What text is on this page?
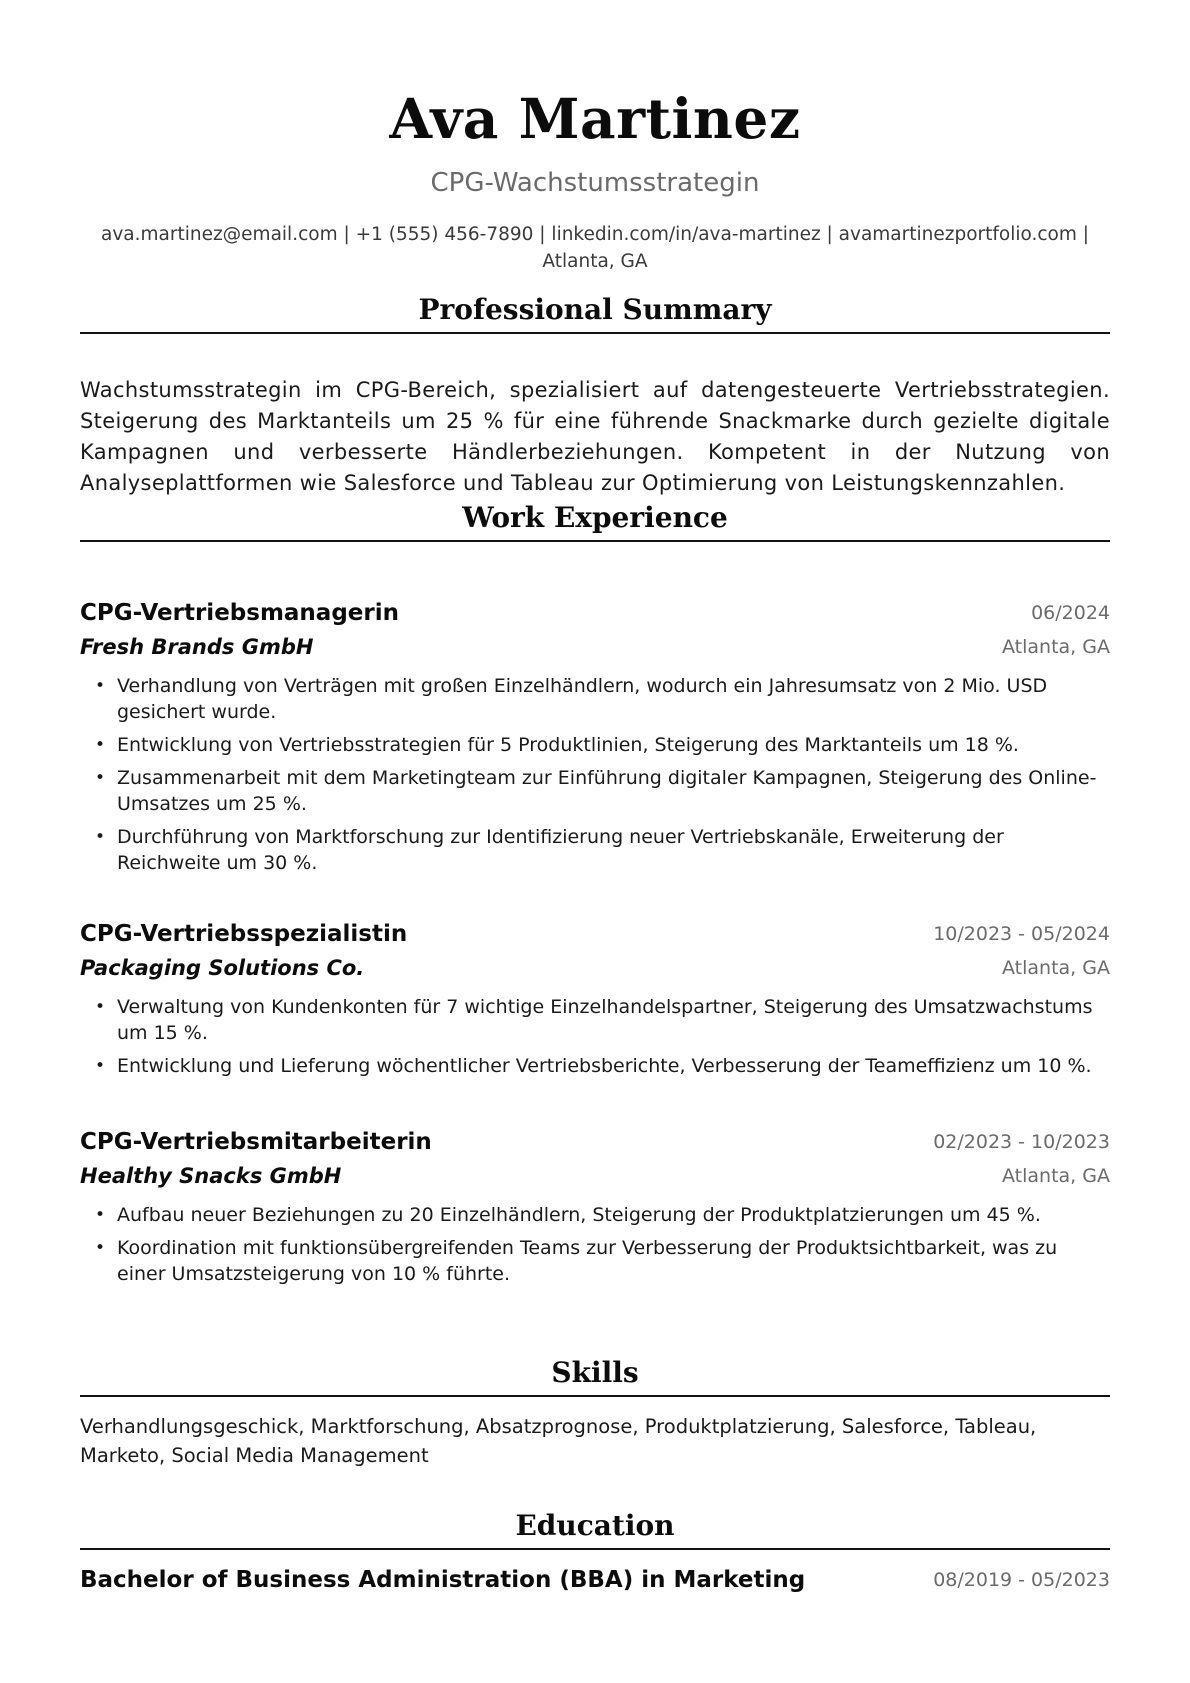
Ava Martinez
CPG-Wachstumsstrategin
ava.martinez@email.com | +1 (555) 456-7890 | linkedin.com/in/ava-martinez | avamartinezportfolio.com | Atlanta, GA
Professional Summary

Wachstumsstrategin im CPG-Bereich, spezialisiert auf datengesteuerte Vertriebsstrategien. Steigerung des Marktanteils um 25 % für eine führende Snackmarke durch gezielte digitale Kampagnen und verbesserte Händlerbeziehungen. Kompetent in der Nutzung von Analyseplattformen wie Salesforce und Tableau zur Optimierung von Leistungskennzahlen.

Work Experience
CPG-Vertriebsmanagerin	06/2024
Fresh Brands GmbH	Atlanta, GA
• Verhandlung von Verträgen mit großen Einzelhändlern, wodurch ein Jahresumsatz von 2 Mio. USD gesichert wurde.
• Entwicklung von Vertriebsstrategien für 5 Produktlinien, Steigerung des Marktanteils um 18 %.
• Zusammenarbeit mit dem Marketingteam zur Einführung digitaler Kampagnen, Steigerung des Online-Umsatzes um 25 %.
• Durchführung von Marktforschung zur Identifizierung neuer Vertriebskanäle, Erweiterung der Reichweite um 30 %.
CPG-Vertriebsspezialistin	10/2023 - 05/2024
Packaging Solutions Co.	Atlanta, GA
• Verwaltung von Kundenkonten für 7 wichtige Einzelhandelspartner, Steigerung des Umsatzwachstums um 15 %.
• Entwicklung und Lieferung wöchentlicher Vertriebsberichte, Verbesserung der Teameffizienz um 10 %.
CPG-Vertriebsmitarbeiterin	02/2023 - 10/2023
Healthy Snacks GmbH	Atlanta, GA
• Aufbau neuer Beziehungen zu 20 Einzelhändlern, Steigerung der Produktplatzierungen um 45 %.
• Koordination mit funktionsübergreifenden Teams zur Verbesserung der Produktsichtbarkeit, was zu einer Umsatzsteigerung von 10 % führte.
Skills

Verhandlungsgeschick, Marktforschung, Absatzprognose, Produktplatzierung, Salesforce, Tableau, Marketo, Social Media Management

Education
Bachelor of Business Administration (BBA) in Marketing	08/2019 - 05/2023
